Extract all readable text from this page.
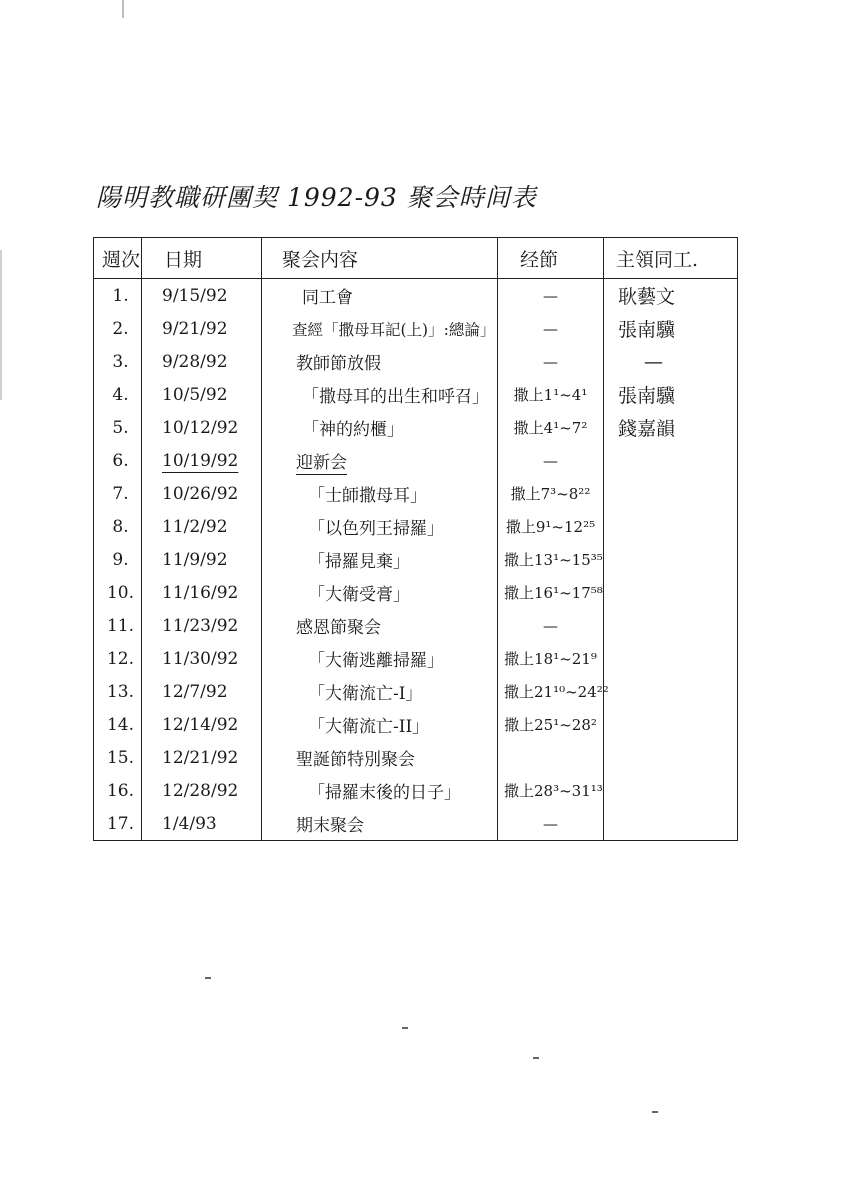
陽明教職研團契 1992-93 聚会時间表
週次	日期	聚会内容	经節	主領同工.
1.	9/15/92	同工會	—	耿藝文
2.	9/21/92	查經「撒母耳記(上)」:總論」	—	張南驥
3.	9/28/92	教師節放假	—	—
4.	10/5/92	「撒母耳的出生和呼召」	撒上1¹~4¹	張南驥
5.	10/12/92	「神的約櫃」	撒上4¹~7²	錢嘉韻
6.	10/19/92	迎新会	—	
7.	10/26/92	「士師撒母耳」	撒上7³~8²²	
8.	11/2/92	「以色列王掃羅」	撒上9¹~12²⁵	
9.	11/9/92	「掃羅見棄」	撒上13¹~15³⁵	
10.	11/16/92	「大衛受膏」	撒上16¹~17⁵⁸	
11.	11/23/92	感恩節聚会	—	
12.	11/30/92	「大衛逃離掃羅」	撒上18¹~21⁹	
13.	12/7/92	「大衛流亡-I」	撒上21¹⁰~24²²	
14.	12/14/92	「大衛流亡-II」	撒上25¹~28²	
15.	12/21/92	聖誕節特別聚会		
16.	12/28/92	「掃羅末後的日子」	撒上28³~31¹³	
17.	1/4/93	期末聚会	—	
